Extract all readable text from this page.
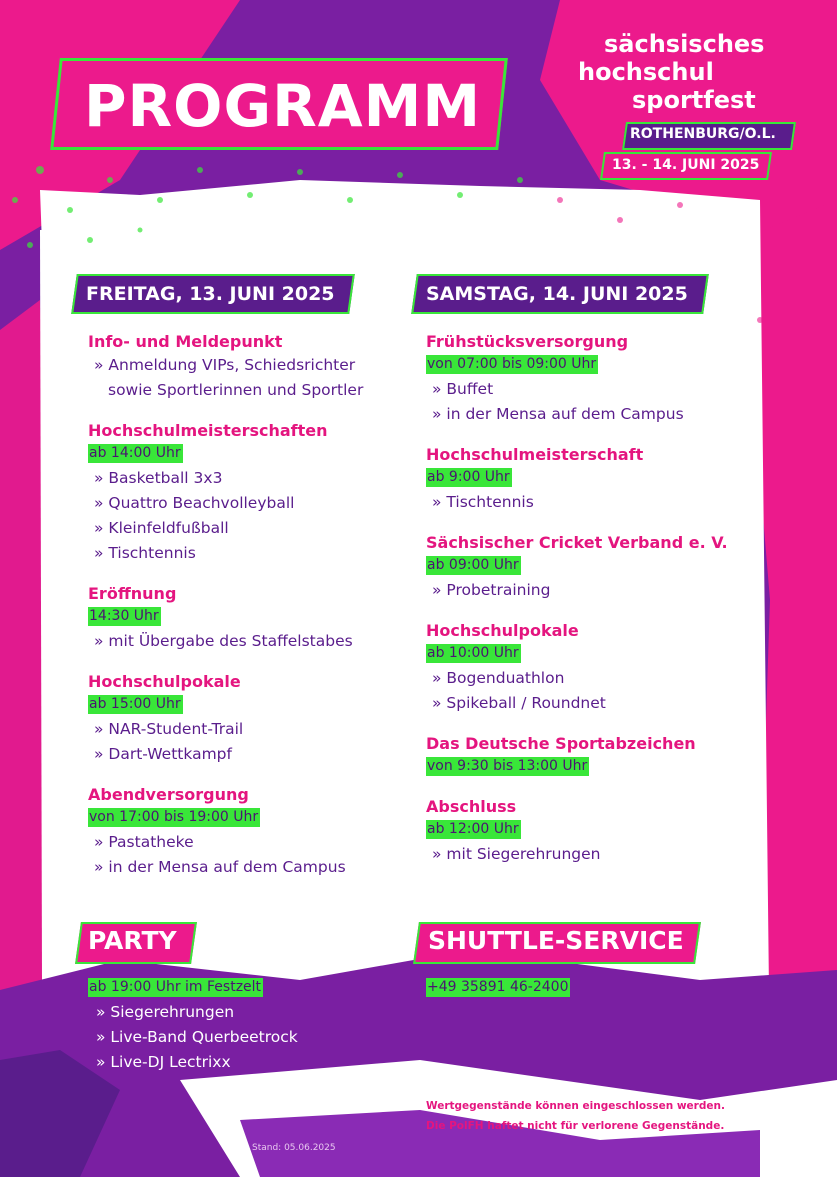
PROGRAMM
sächsisches
hochschul
sportfest
ROTHENBURG/O.L.
13. - 14. JUNI 2025
FREITAG, 13. JUNI 2025
Info- und Meldepunkt
» Anmeldung VIPs, Schiedsrichter
sowie Sportlerinnen und Sportler
Hochschulmeisterschaften
ab 14:00 Uhr
» Basketball 3x3
» Quattro Beachvolleyball
» Kleinfeldfußball
» Tischtennis
Eröffnung
14:30 Uhr
» mit Übergabe des Staffelstabes
Hochschulpokale
ab 15:00 Uhr
» NAR-Student-Trail
» Dart-Wettkampf
Abendversorgung
von 17:00 bis 19:00 Uhr
» Pastatheke
» in der Mensa auf dem Campus
SAMSTAG, 14. JUNI 2025
Frühstücksversorgung
von 07:00 bis 09:00 Uhr
» Buffet
» in der Mensa auf dem Campus
Hochschulmeisterschaft
ab 9:00 Uhr
» Tischtennis
Sächsischer Cricket Verband e. V.
ab 09:00 Uhr
» Probetraining
Hochschulpokale
ab 10:00 Uhr
» Bogenduathlon
» Spikeball / Roundnet
Das Deutsche Sportabzeichen
von 9:30 bis 13:00 Uhr
Abschluss
ab 12:00 Uhr
» mit Siegerehrungen
PARTY
ab 19:00 Uhr im Festzelt
» Siegerehrungen
» Live-Band Querbeetrock
» Live-DJ Lectrixx
SHUTTLE-SERVICE
+49 35891 46-2400
Wertgegenstände können eingeschlossen werden.
Die PolFH haftet nicht für verlorene Gegenstände.
Stand: 05.06.2025
